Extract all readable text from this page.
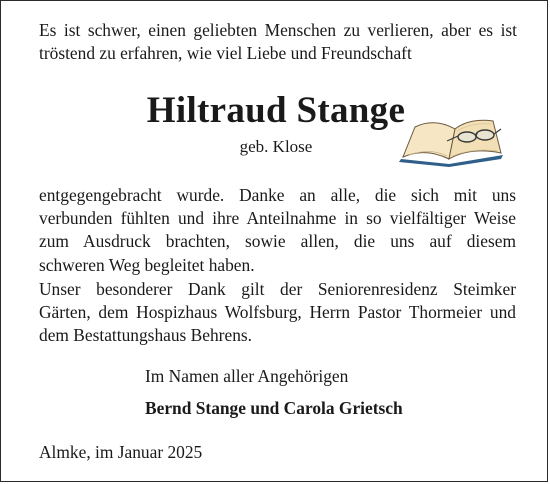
Es ist schwer, einen geliebten Menschen zu verlieren, aber es ist
tröstend zu erfahren, wie viel Liebe und Freundschaft
Hiltraud Stange
geb. Klose
entgegengebracht wurde. Danke an alle, die sich mit uns
verbunden fühlten und ihre Anteilnahme in so vielfältiger Weise
zum Ausdruck brachten, sowie allen, die uns auf diesem
schweren Weg begleitet haben.
Unser besonderer Dank gilt der Seniorenresidenz Steimker
Gärten, dem Hospizhaus Wolfsburg, Herrn Pastor Thormeier und
dem Bestattungshaus Behrens.
Im Namen aller Angehörigen
Bernd Stange und Carola Grietsch
Almke, im Januar 2025
